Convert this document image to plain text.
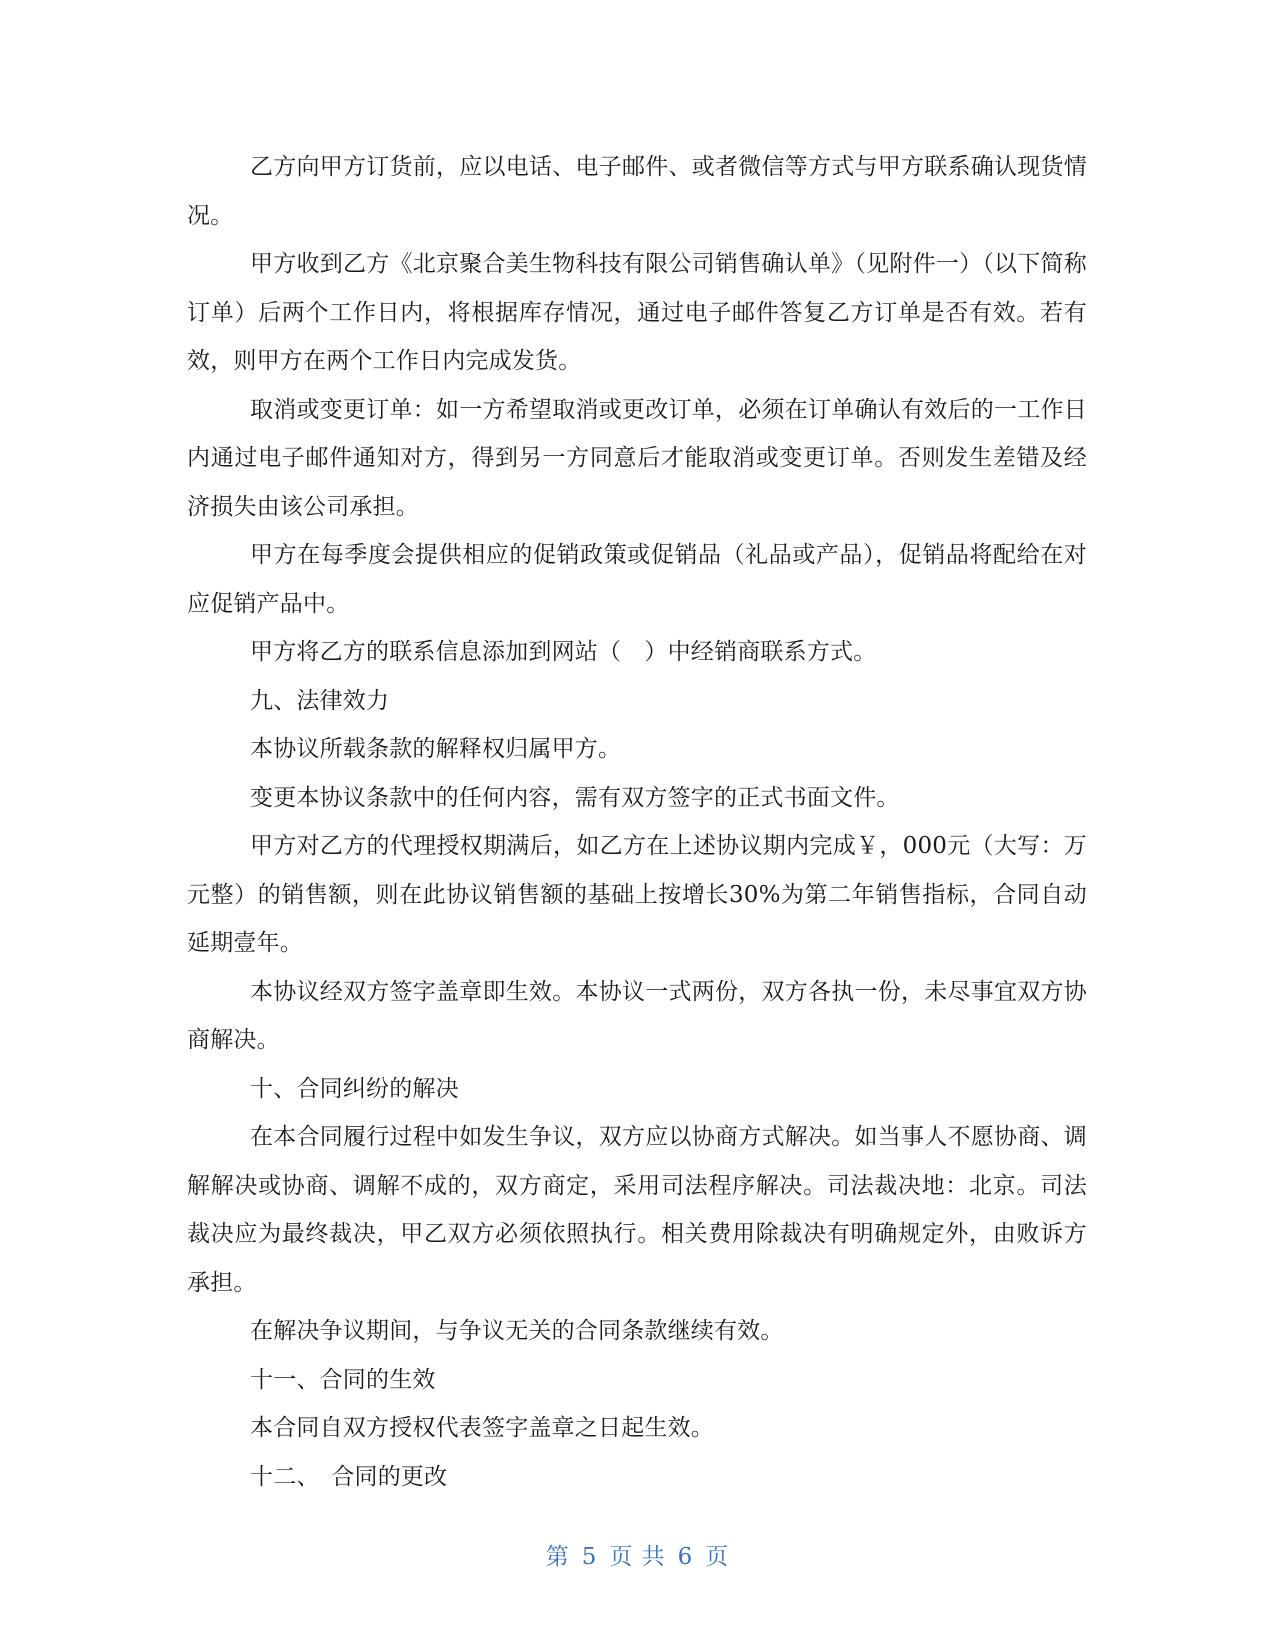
乙方向甲方订货前，应以电话、电子邮件、或者微信等方式与甲方联系确认现货情况。

甲方收到乙方《北京聚合美生物科技有限公司销售确认单》（见附件一）（以下简称订单）后两个工作日内，将根据库存情况，通过电子邮件答复乙方订单是否有效。若有效，则甲方在两个工作日内完成发货。

取消或变更订单：如一方希望取消或更改订单，必须在订单确认有效后的一工作日内通过电子邮件通知对方，得到另一方同意后才能取消或变更订单。否则发生差错及经济损失由该公司承担。

甲方在每季度会提供相应的促销政策或促销品（礼品或产品），促销品将配给在对应促销产品中。

甲方将乙方的联系信息添加到网站（　）中经销商联系方式。

九、法律效力

本协议所载条款的解释权归属甲方。

变更本协议条款中的任何内容，需有双方签字的正式书面文件。

甲方对乙方的代理授权期满后，如乙方在上述协议期内完成￥，000元（大写：万元整）的销售额，则在此协议销售额的基础上按增长30%为第二年销售指标，合同自动延期壹年。

本协议经双方签字盖章即生效。本协议一式两份，双方各执一份，未尽事宜双方协商解决。

十、合同纠纷的解决

在本合同履行过程中如发生争议，双方应以协商方式解决。如当事人不愿协商、调解解决或协商、调解不成的，双方商定，采用司法程序解决。司法裁决地：北京。司法裁决应为最终裁决，甲乙双方必须依照执行。相关费用除裁决有明确规定外，由败诉方承担。

在解决争议期间，与争议无关的合同条款继续有效。

十一、合同的生效

本合同自双方授权代表签字盖章之日起生效。

十二、　合同的更改

第 5 页 共 6 页
